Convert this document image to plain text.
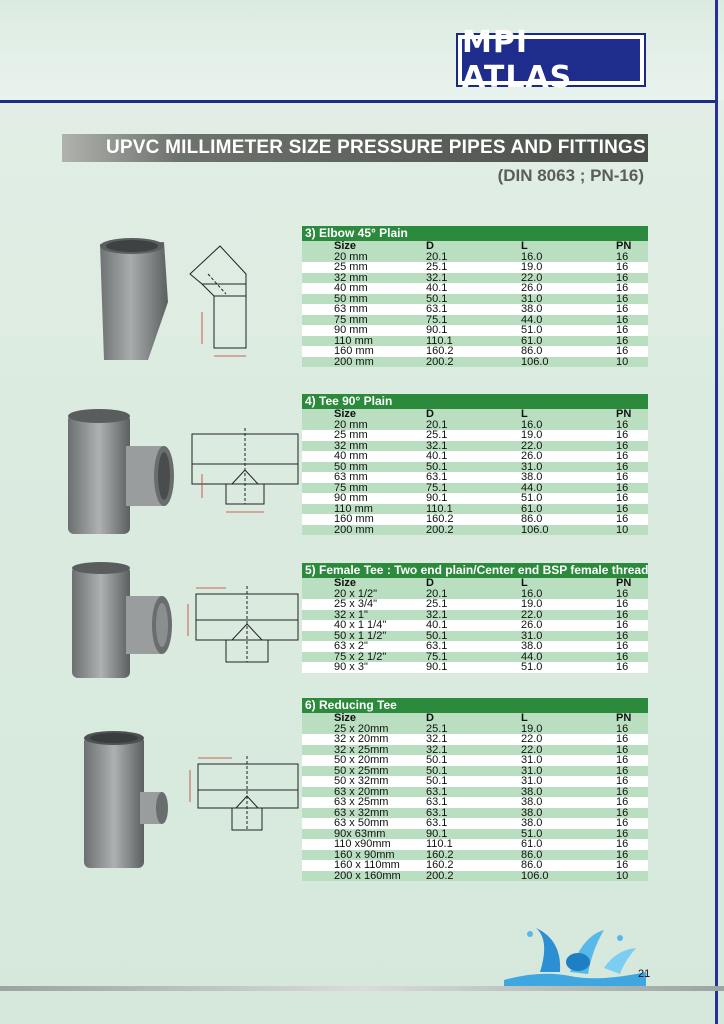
MPI ATLAS
UPVC MILLIMETER SIZE PRESSURE PIPES AND FITTINGS
(DIN 8063 ; PN-16)
3) Elbow 45° Plain
Size	D	L	PN
20 mm	20.1	16.0	16
25 mm	25.1	19.0	16
32 mm	32.1	22.0	16
40 mm	40.1	26.0	16
50 mm	50.1	31.0	16
63 mm	63.1	38.0	16
75 mm	75.1	44.0	16
90 mm	90.1	51.0	16
110 mm	110.1	61.0	16
160 mm	160.2	86.0	16
200 mm	200.2	106.0	10
4) Tee 90° Plain
Size	D	L	PN
20 mm	20.1	16.0	16
25 mm	25.1	19.0	16
32 mm	32.1	22.0	16
40 mm	40.1	26.0	16
50 mm	50.1	31.0	16
63 mm	63.1	38.0	16
75 mm	75.1	44.0	16
90 mm	90.1	51.0	16
110 mm	110.1	61.0	16
160 mm	160.2	86.0	16
200 mm	200.2	106.0	10
5) Female Tee : Two end plain/Center end BSP female thread
Size	D	L	PN
20 x 1/2"	20.1	16.0	16
25 x 3/4"	25.1	19.0	16
32 x 1"	32.1	22.0	16
40 x 1 1/4"	40.1	26.0	16
50 x 1 1/2"	50.1	31.0	16
63 x 2"	63.1	38.0	16
75 x 2 1/2"	75.1	44.0	16
90 x 3"	90.1	51.0	16
6) Reducing Tee
Size	D	L	PN
25 x 20mm	25.1	19.0	16
32 x 20mm	32.1	22.0	16
32 x 25mm	32.1	22.0	16
50 x 20mm	50.1	31.0	16
50 x 25mm	50.1	31.0	16
50 x 32mm	50.1	31.0	16
63 x 20mm	63.1	38.0	16
63 x 25mm	63.1	38.0	16
63 x 32mm	63.1	38.0	16
63 x 50mm	63.1	38.0	16
90x 63mm	90.1	51.0	16
110 x90mm	110.1	61.0	16
160 x 90mm	160.2	86.0	16
160 x 110mm	160.2	86.0	16
200 x 160mm	200.2	106.0	10
21
